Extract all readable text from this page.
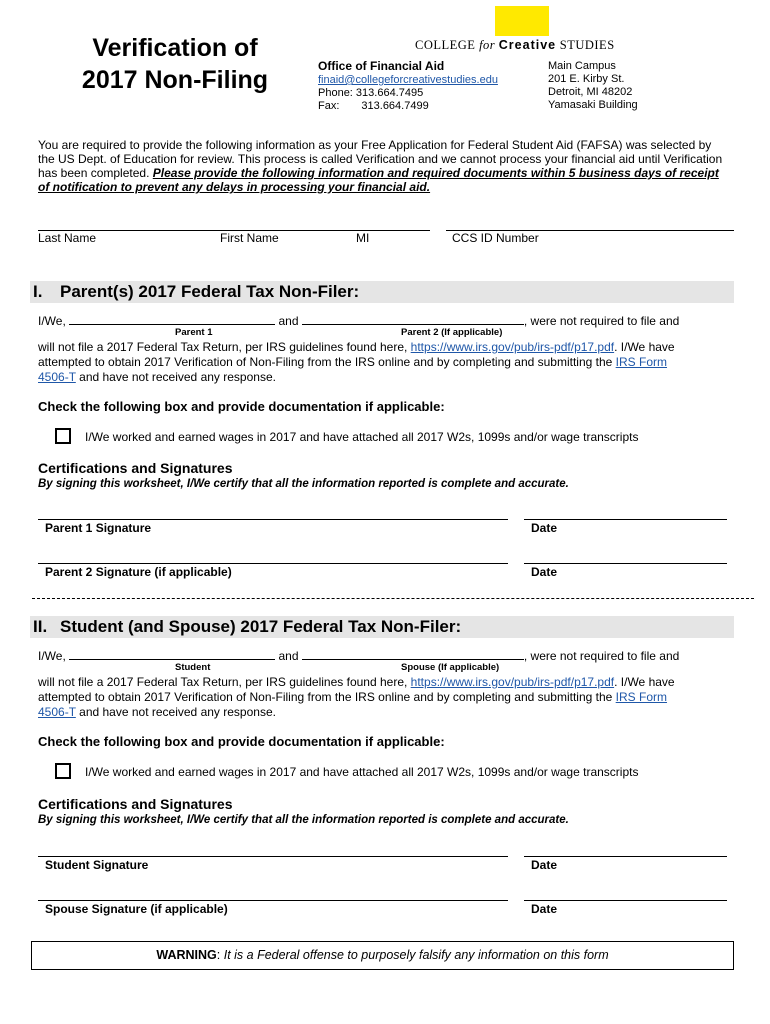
Verification of
2017 Non-Filing
COLLEGE for Creative STUDIES
Office of Financial Aid
finaid@collegeforcreativestudies.edu
Phone: 313.664.7495
Fax: 313.664.7499
Main Campus
201 E. Kirby St.
Detroit, MI 48202
Yamasaki Building
You are required to provide the following information as your Free Application for Federal Student Aid (FAFSA) was selected by the US Dept. of Education for review. This process is called Verification and we cannot process your financial aid until Verification has been completed. Please provide the following information and required documents within 5 business days of receipt of notification to prevent any delays in processing your financial aid.
Last Name	First Name	MI	CCS ID Number
I. Parent(s) 2017 Federal Tax Non-Filer:
I/We,	and	, were not required to file and
Parent 1	Parent 2 (If applicable)
will not file a 2017 Federal Tax Return, per IRS guidelines found here, https://www.irs.gov/pub/irs-pdf/p17.pdf. I/We have attempted to obtain 2017 Verification of Non-Filing from the IRS online and by completing and submitting the IRS Form
4506-T and have not received any response.
Check the following box and provide documentation if applicable:
I/We worked and earned wages in 2017 and have attached all 2017 W2s, 1099s and/or wage transcripts
Certifications and Signatures
By signing this worksheet, I/We certify that all the information reported is complete and accurate.
Parent 1 Signature	Date
Parent 2 Signature (if applicable)	Date
II. Student (and Spouse) 2017 Federal Tax Non-Filer:
I/We,	and	, were not required to file and
Student	Spouse (If applicable)
will not file a 2017 Federal Tax Return, per IRS guidelines found here, https://www.irs.gov/pub/irs-pdf/p17.pdf. I/We have attempted to obtain 2017 Verification of Non-Filing from the IRS online and by completing and submitting the IRS Form
4506-T and have not received any response.
Check the following box and provide documentation if applicable:
I/We worked and earned wages in 2017 and have attached all 2017 W2s, 1099s and/or wage transcripts
Certifications and Signatures
By signing this worksheet, I/We certify that all the information reported is complete and accurate.
Student Signature	Date
Spouse Signature (if applicable)	Date
WARNING: It is a Federal offense to purposely falsify any information on this form
